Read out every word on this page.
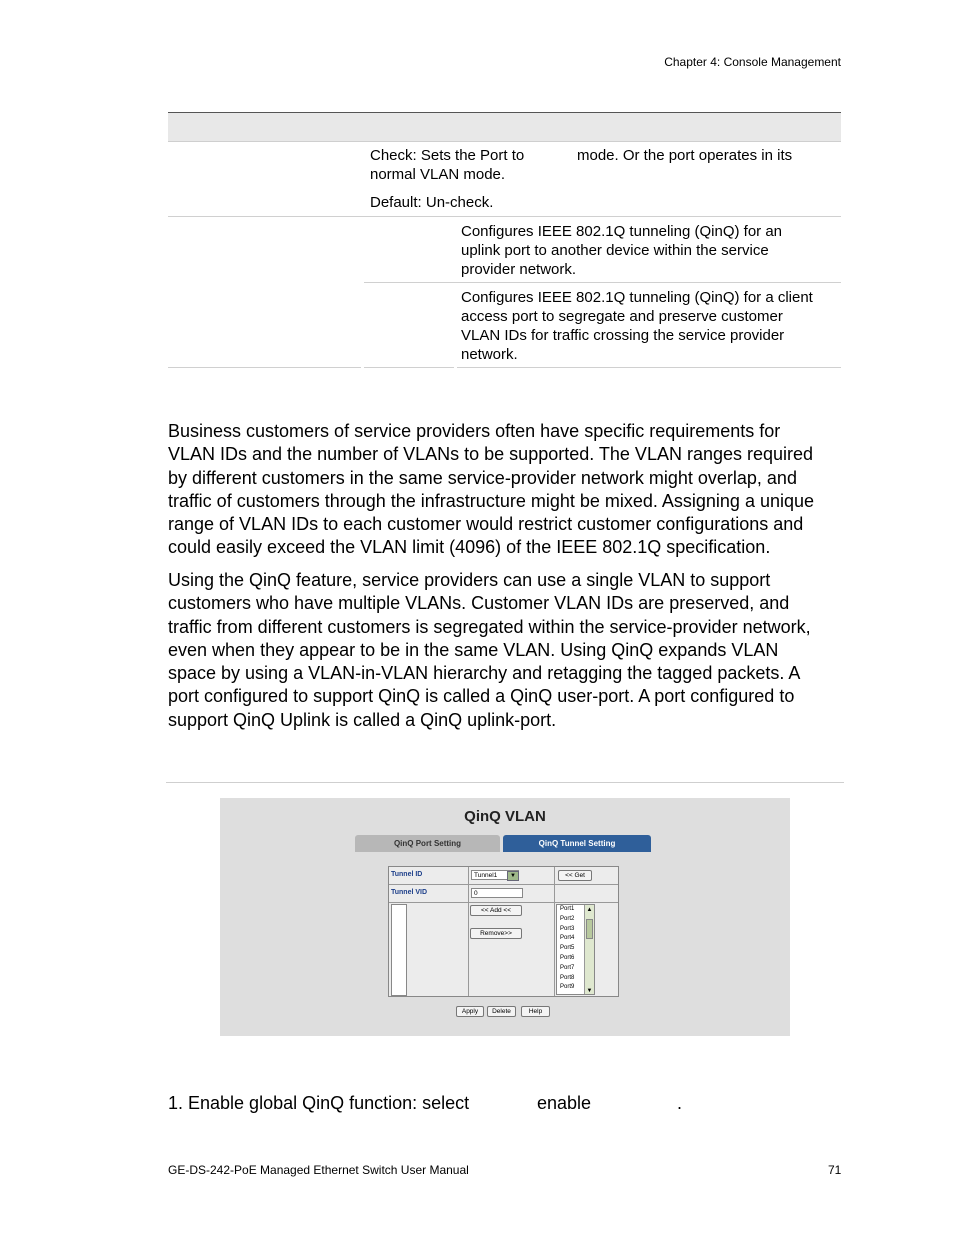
Chapter 4: Console Management
Check: Sets the Port to	mode. Or the port operates in its
normal VLAN mode.
Default: Un-check.
Configures IEEE 802.1Q tunneling (QinQ) for an
uplink port to another device within the service
provider network.
Configures IEEE 802.1Q tunneling (QinQ) for a client
access port to segregate and preserve customer
VLAN IDs for traffic crossing the service provider
network.
Business customers of service providers often have specific requirements for
VLAN IDs and the number of VLANs to be supported. The VLAN ranges required
by different customers in the same service-provider network might overlap, and
traffic of customers through the infrastructure might be mixed. Assigning a unique
range of VLAN IDs to each customer would restrict customer configurations and
could easily exceed the VLAN limit (4096) of the IEEE 802.1Q specification.
Using the QinQ feature, service providers can use a single VLAN to support
customers who have multiple VLANs. Customer VLAN IDs are preserved, and
traffic from different customers is segregated within the service-provider network,
even when they appear to be in the same VLAN. Using QinQ expands VLAN
space by using a VLAN-in-VLAN hierarchy and retagging the tagged packets. A
port configured to support QinQ is called a QinQ user-port. A port configured to
support QinQ Uplink is called a QinQ uplink-port.
QinQ VLAN
QinQ Port Setting	QinQ Tunnel Setting
Tunnel ID	Tunnel1	▼	<< Get
Tunnel VID	0
<< Add <<
Remove>>
Port1
Port2
Port3
Port4
Port5
Port6
Port7
Port8
Port9
▲
▼
Apply	Delete	Help
1. Enable global QinQ function: select	enable	.
GE-DS-242-PoE Managed Ethernet Switch User Manual	71
